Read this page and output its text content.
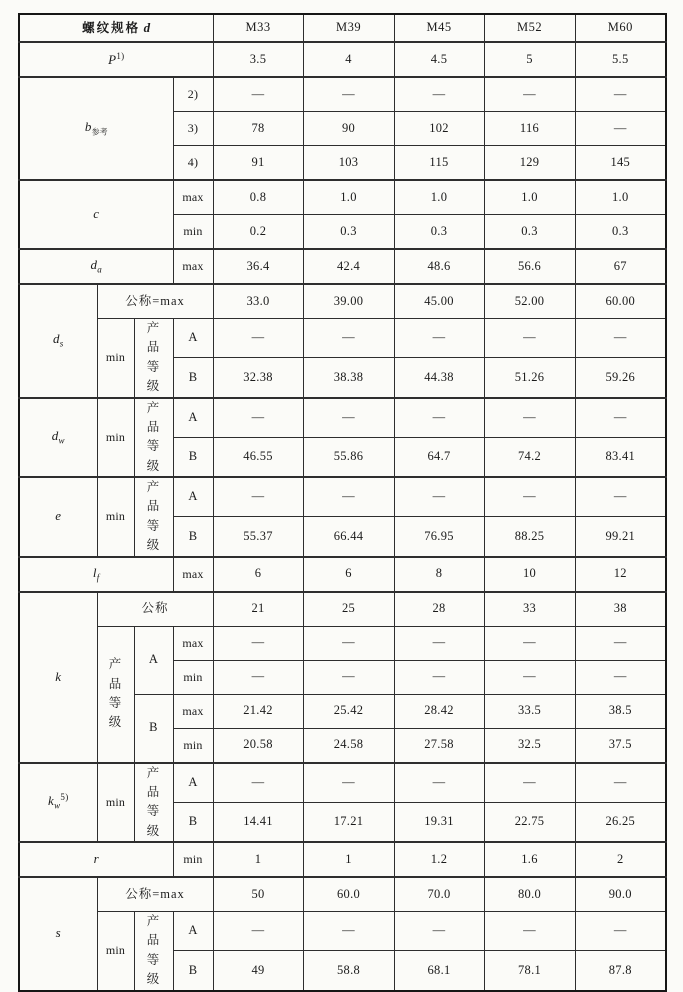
螺纹规格 d				M33	M39	M45	M52	M60
$P^{1)}$				3.5	4	4.5	5	5.5
$b_{参考}$			2)	—	—	—	—	—
			3)	78	90	102	116	—
			4)	91	103	115	129	145
c			max	0.8	1.0	1.0	1.0	1.0
			min	0.2	0.3	0.3	0.3	0.3
$d_a$			max	36.4	42.4	48.6	56.6	67
$d_s$	公称=max			33.0	39.00	45.00	52.00	60.00
	min	产品等级	A	—	—	—	—	—
			B	32.38	38.38	44.38	51.26	59.26
$d_w$	min	产品等级	A	—	—	—	—	—
			B	46.55	55.86	64.7	74.2	83.41
e	min	产品等级	A	—	—	—	—	—
			B	55.37	66.44	76.95	88.25	99.21
$l_f$			max	6	6	8	10	12
k	公称			21	25	28	33	38
	产品等级	A	max	—	—	—	—	—
			min	—	—	—	—	—
		B	max	21.42	25.42	28.42	33.5	38.5
			min	20.58	24.58	27.58	32.5	37.5
$k_w^{5)}$	min	产品等级	A	—	—	—	—	—
			B	14.41	17.21	19.31	22.75	26.25
r			min	1	1	1.2	1.6	2
s	公称=max			50	60.0	70.0	80.0	90.0
	min	产品等级	A	—	—	—	—	—
			B	49	58.8	68.1	78.1	87.8
